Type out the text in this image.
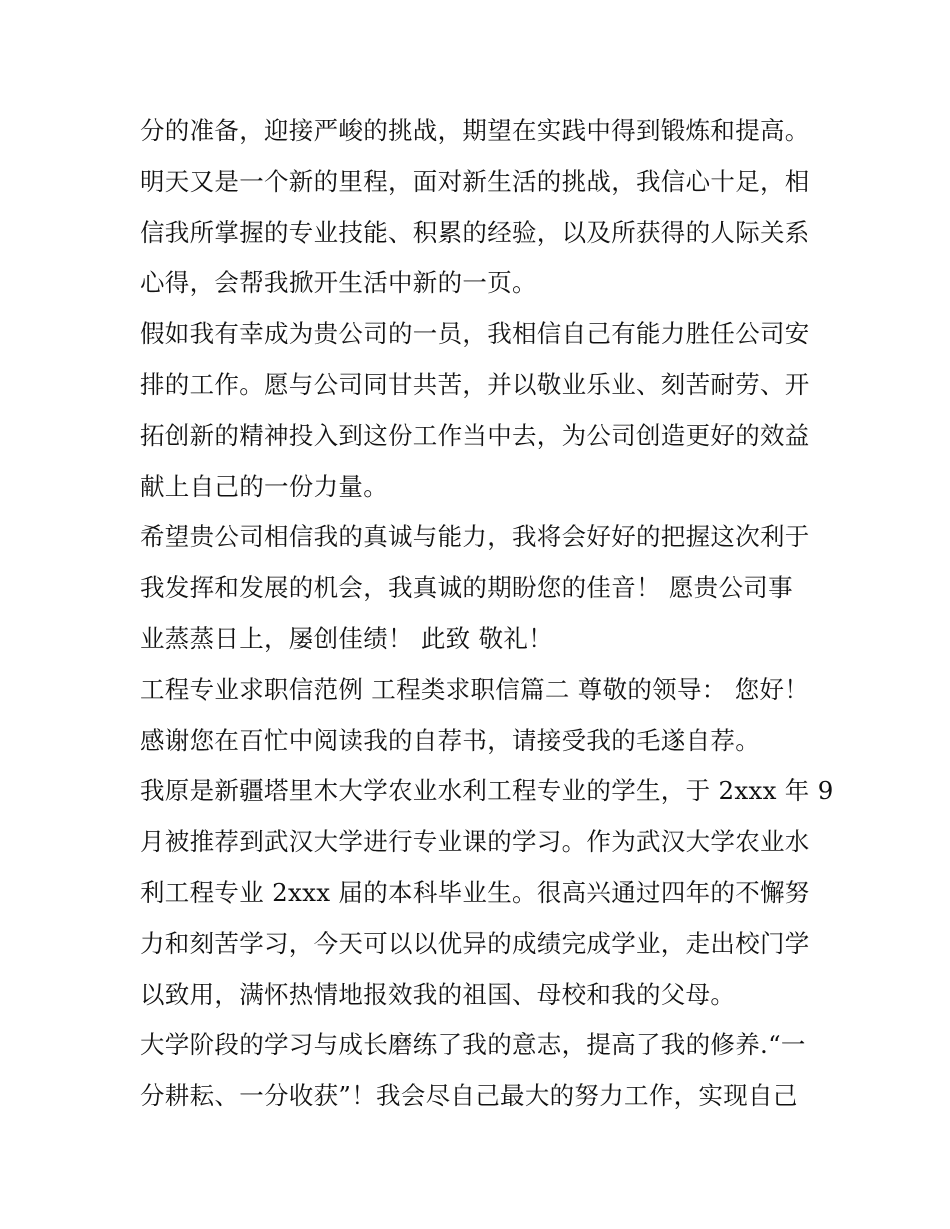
分的准备，迎接严峻的挑战，期望在实践中得到锻炼和提高。
明天又是一个新的里程，面对新生活的挑战，我信心十足，相
信我所掌握的专业技能、积累的经验，以及所获得的人际关系
心得，会帮我掀开生活中新的一页。
假如我有幸成为贵公司的一员，我相信自己有能力胜任公司安
排的工作。愿与公司同甘共苦，并以敬业乐业、刻苦耐劳、开
拓创新的精神投入到这份工作当中去，为公司创造更好的效益
献上自己的一份力量。
希望贵公司相信我的真诚与能力，我将会好好的把握这次利于
我发挥和发展的机会，我真诚的期盼您的佳音！ 愿贵公司事
业蒸蒸日上，屡创佳绩！ 此致 敬礼！
工程专业求职信范例 工程类求职信篇二 尊敬的领导： 您好！
感谢您在百忙中阅读我的自荐书，请接受我的毛遂自荐。
我原是新疆塔里木大学农业水利工程专业的学生，于 2xxx 年 9
月被推荐到武汉大学进行专业课的学习。作为武汉大学农业水
利工程专业 2xxx 届的本科毕业生。很高兴通过四年的不懈努
力和刻苦学习，今天可以以优异的成绩完成学业，走出校门学
以致用，满怀热情地报效我的祖国、母校和我的父母。
大学阶段的学习与成长磨练了我的意志，提高了我的修养.“一
分耕耘、一分收获”！我会尽自己最大的努力工作，实现自己
